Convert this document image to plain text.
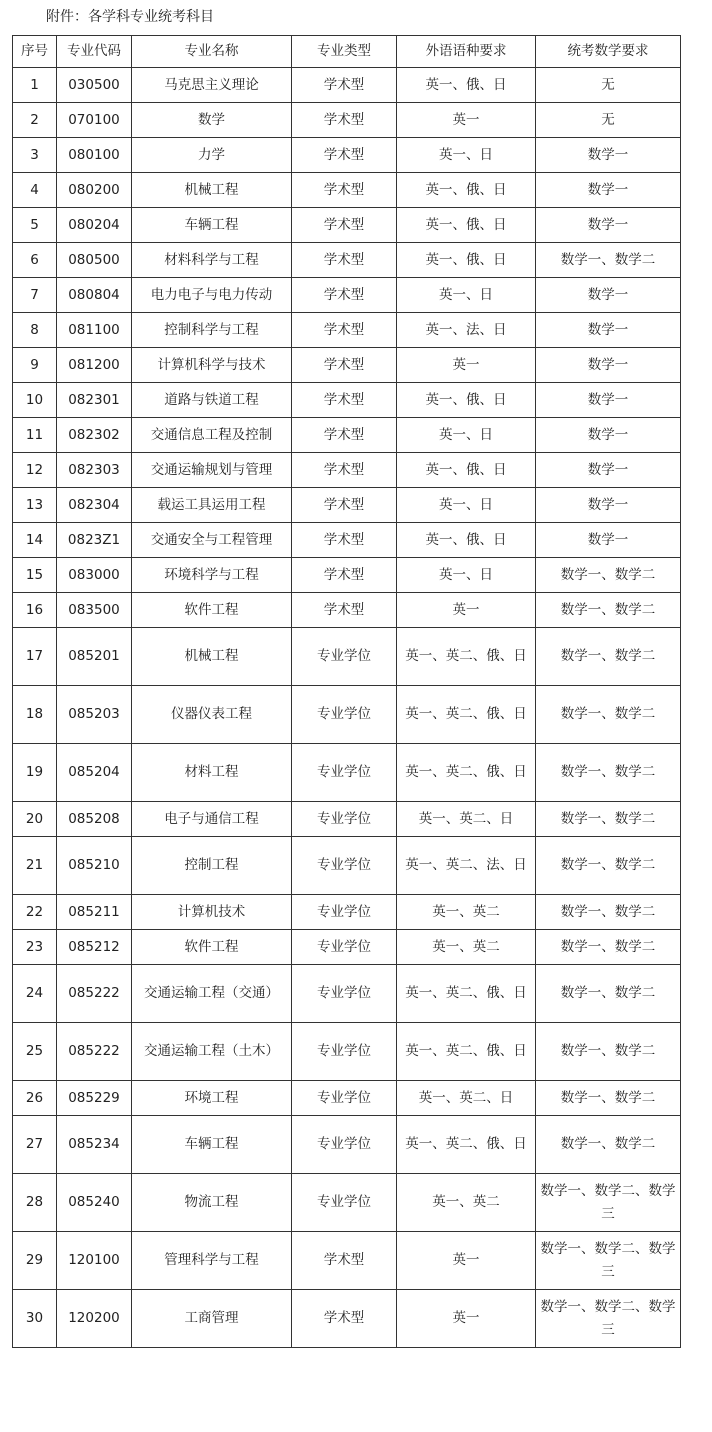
附件：各学科专业统考科目
序号	专业代码	专业名称	专业类型	外语语种要求	统考数学要求
1	030500	马克思主义理论	学术型	英一、俄、日	无
2	070100	数学	学术型	英一	无
3	080100	力学	学术型	英一、日	数学一
4	080200	机械工程	学术型	英一、俄、日	数学一
5	080204	车辆工程	学术型	英一、俄、日	数学一
6	080500	材料科学与工程	学术型	英一、俄、日	数学一、数学二
7	080804	电力电子与电力传动	学术型	英一、日	数学一
8	081100	控制科学与工程	学术型	英一、法、日	数学一
9	081200	计算机科学与技术	学术型	英一	数学一
10	082301	道路与铁道工程	学术型	英一、俄、日	数学一
11	082302	交通信息工程及控制	学术型	英一、日	数学一
12	082303	交通运输规划与管理	学术型	英一、俄、日	数学一
13	082304	载运工具运用工程	学术型	英一、日	数学一
14	0823Z1	交通安全与工程管理	学术型	英一、俄、日	数学一
15	083000	环境科学与工程	学术型	英一、日	数学一、数学二
16	083500	软件工程	学术型	英一	数学一、数学二
17	085201	机械工程	专业学位	英一、英二、俄、日	数学一、数学二
18	085203	仪器仪表工程	专业学位	英一、英二、俄、日	数学一、数学二
19	085204	材料工程	专业学位	英一、英二、俄、日	数学一、数学二
20	085208	电子与通信工程	专业学位	英一、英二、日	数学一、数学二
21	085210	控制工程	专业学位	英一、英二、法、日	数学一、数学二
22	085211	计算机技术	专业学位	英一、英二	数学一、数学二
23	085212	软件工程	专业学位	英一、英二	数学一、数学二
24	085222	交通运输工程（交通）	专业学位	英一、英二、俄、日	数学一、数学二
25	085222	交通运输工程（土木）	专业学位	英一、英二、俄、日	数学一、数学二
26	085229	环境工程	专业学位	英一、英二、日	数学一、数学二
27	085234	车辆工程	专业学位	英一、英二、俄、日	数学一、数学二
28	085240	物流工程	专业学位	英一、英二	数学一、数学二、数学三
29	120100	管理科学与工程	学术型	英一	数学一、数学二、数学三
30	120200	工商管理	学术型	英一	数学一、数学二、数学三
